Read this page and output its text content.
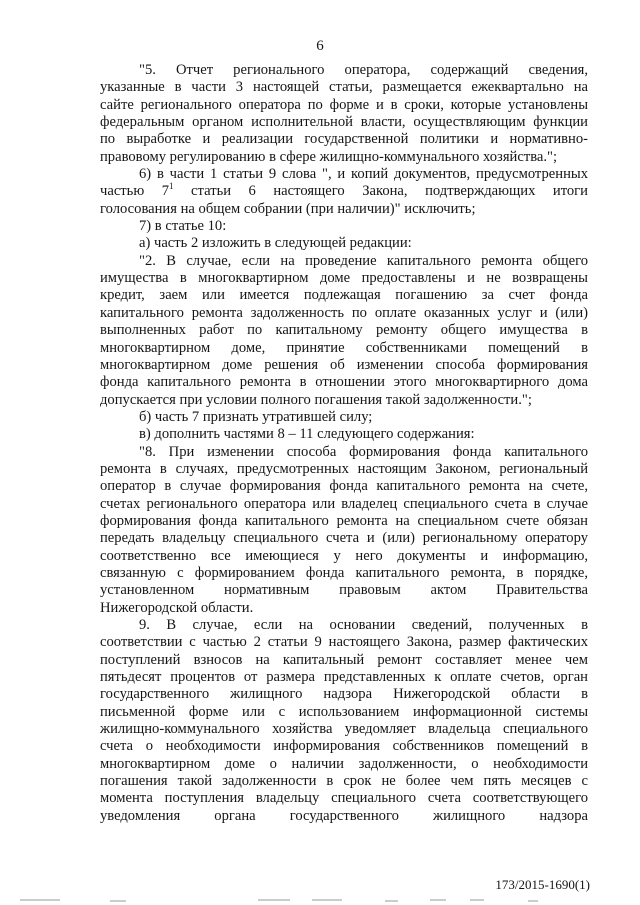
6
"5. Отчет регионального оператора, содержащий сведения,
указанные в части 3 настоящей статьи, размещается ежеквартально на
сайте регионального оператора по форме и в сроки, которые установлены
федеральным органом исполнительной власти, осуществляющим функции
по выработке и реализации государственной политики и нормативно-
правовому регулированию в сфере жилищно-коммунального хозяйства.";
6) в части 1 статьи 9 слова ", и копий документов, предусмотренных
частью $7^1$ статьи 6 настоящего Закона, подтверждающих итоги
голосования на общем собрании (при наличии)" исключить;
7) в статье 10:
а) часть 2 изложить в следующей редакции:
"2. В случае, если на проведение капитального ремонта общего
имущества в многоквартирном доме предоставлены и не возвращены
кредит, заем или имеется подлежащая погашению за счет фонда
капитального ремонта задолженность по оплате оказанных услуг и (или)
выполненных работ по капитальному ремонту общего имущества в
многоквартирном доме, принятие собственниками помещений в
многоквартирном доме решения об изменении способа формирования
фонда капитального ремонта в отношении этого многоквартирного дома
допускается при условии полного погашения такой задолженности.";
б) часть 7 признать утратившей силу;
в) дополнить частями 8 – 11 следующего содержания:
"8. При изменении способа формирования фонда капитального
ремонта в случаях, предусмотренных настоящим Законом, региональный
оператор в случае формирования фонда капитального ремонта на счете,
счетах регионального оператора или владелец специального счета в случае
формирования фонда капитального ремонта на специальном счете обязан
передать владельцу специального счета и (или) региональному оператору
соответственно все имеющиеся у него документы и информацию,
связанную с формированием фонда капитального ремонта, в порядке,
установленном нормативным правовым актом Правительства
Нижегородской области.
9. В случае, если на основании сведений, полученных в
соответствии с частью 2 статьи 9 настоящего Закона, размер фактических
поступлений взносов на капитальный ремонт составляет менее чем
пятьдесят процентов от размера представленных к оплате счетов, орган
государственного жилищного надзора Нижегородской области в
письменной форме или с использованием информационной системы
жилищно-коммунального хозяйства уведомляет владельца специального
счета о необходимости информирования собственников помещений в
многоквартирном доме о наличии задолженности, о необходимости
погашения такой задолженности в срок не более чем пять месяцев с
момента поступления владельцу специального счета соответствующего
уведомления органа государственного жилищного надзора
173/2015-1690(1)
